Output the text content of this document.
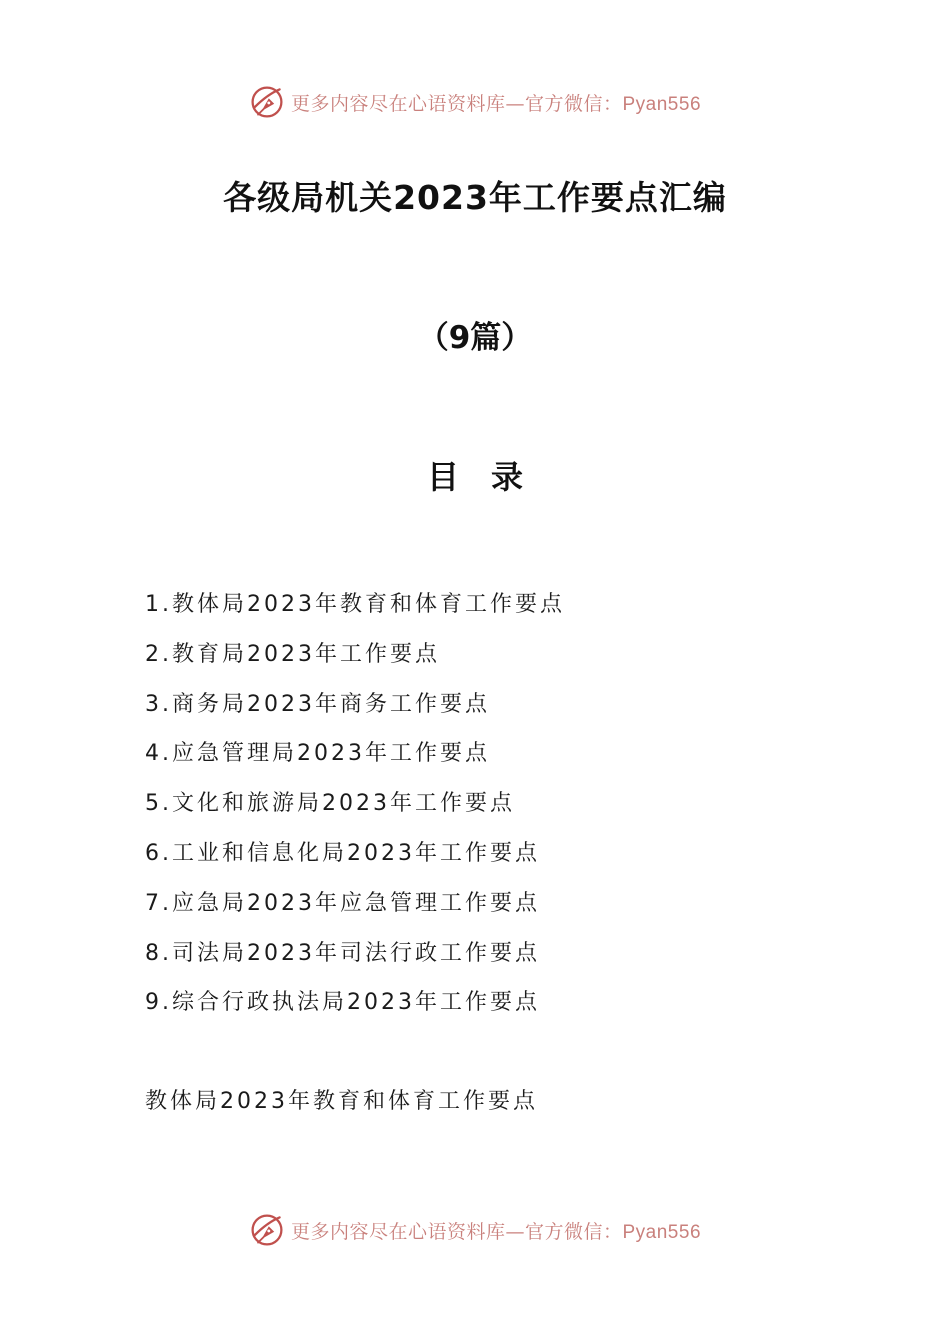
更多内容尽在心语资料库—官方微信：Pyan556
各级局机关2023年工作要点汇编
（9篇）
目　录
1.教体局2023年教育和体育工作要点
2.教育局2023年工作要点
3.商务局2023年商务工作要点
4.应急管理局2023年工作要点
5.文化和旅游局2023年工作要点
6.工业和信息化局2023年工作要点
7.应急局2023年应急管理工作要点
8.司法局2023年司法行政工作要点
9.综合行政执法局2023年工作要点
教体局2023年教育和体育工作要点
更多内容尽在心语资料库—官方微信：Pyan556
